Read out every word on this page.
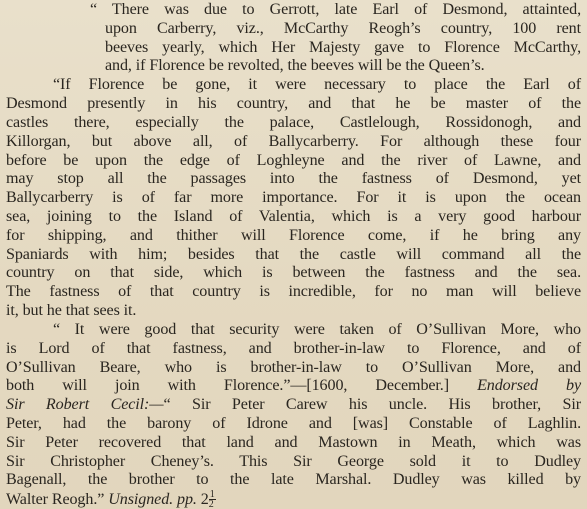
“ There was due to Gerrott, late Earl of Desmond, attainted,
upon Carberry, viz., McCarthy Reogh’s country, 100 rent
beeves yearly, which Her Majesty gave to Florence McCarthy,
and, if Florence be revolted, the beeves will be the Queen’s.
“If Florence be gone, it were necessary to place the Earl of
Desmond presently in his country, and that he be master of the
castles there, especially the palace, Castlelough, Rossidonogh, and
Killorgan, but above all, of Ballycarberry. For although these four
before be upon the edge of Loghleyne and the river of Lawne, and
may stop all the passages into the fastness of Desmond, yet
Ballycarberry is of far more importance. For it is upon the ocean
sea, joining to the Island of Valentia, which is a very good harbour
for shipping, and thither will Florence come, if he bring any
Spaniards with him; besides that the castle will command all the
country on that side, which is between the fastness and the sea.
The fastness of that country is incredible, for no man will believe
it, but he that sees it.
“ It were good that security were taken of O’Sullivan More, who
is Lord of that fastness, and brother-in-law to Florence, and of
O’Sullivan Beare, who is brother-in-law to O’Sullivan More, and
both will join with Florence.”—[1600, December.] Endorsed by
Sir Robert Cecil:—“ Sir Peter Carew his uncle. His brother, Sir
Peter, had the barony of Idrone and [was] Constable of Laghlin.
Sir Peter recovered that land and Mastown in Meath, which was
Sir Christopher Cheney’s. This Sir George sold it to Dudley
Bagenall, the brother to the late Marshal. Dudley was killed by
Walter Reogh.” Unsigned. pp. $2 \frac{1}{2}$
